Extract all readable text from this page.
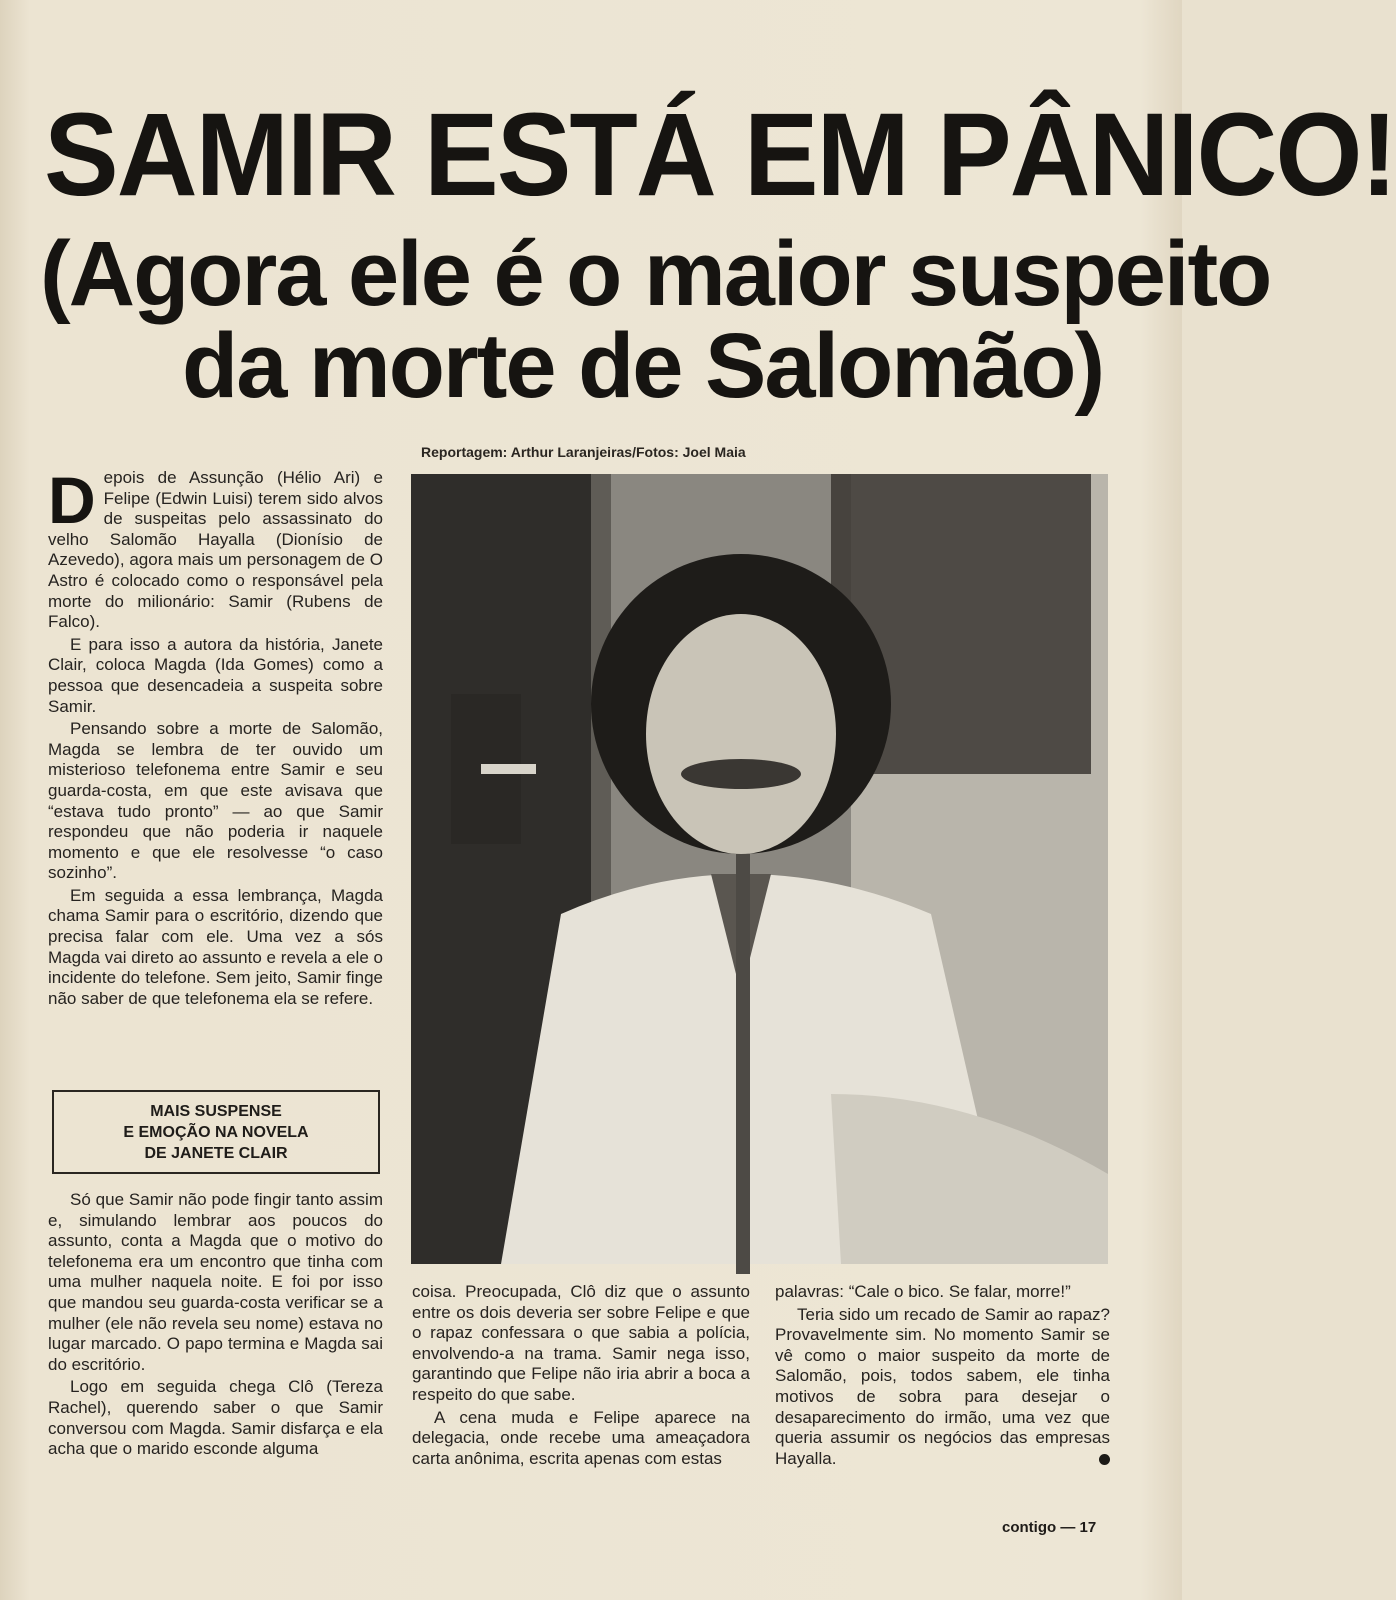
SAMIR ESTÁ EM PÂNICO!
(Agora ele é o maior suspeito
da morte de Salomão)
Reportagem: Arthur Laranjeiras/Fotos: Joel Maia

D epois de Assunção (Hélio Ari) e Felipe (Edwin Luisi) terem sido alvos de suspeitas pelo assassinato do velho Salomão Hayalla (Dionísio de Azevedo), agora mais um personagem de O Astro é colocado como o responsável pela morte do milionário: Samir (Rubens de Falco).

E para isso a autora da história, Janete Clair, coloca Magda (Ida Gomes) como a pessoa que desencadeia a suspeita sobre Samir.

Pensando sobre a morte de Salomão, Magda se lembra de ter ouvido um misterioso telefonema entre Samir e seu guarda-costa, em que este avisava que “estava tudo pronto” — ao que Samir respondeu que não poderia ir naquele momento e que ele resolvesse “o caso sozinho”.

Em seguida a essa lembrança, Magda chama Samir para o escritório, dizendo que precisa falar com ele. Uma vez a sós Magda vai direto ao assunto e revela a ele o incidente do telefone. Sem jeito, Samir finge não saber de que telefonema ela se refere.

MAIS SUSPENSE
E EMOÇÃO NA NOVELA
DE JANETE CLAIR

Só que Samir não pode fingir tanto assim e, simulando lembrar aos poucos do assunto, conta a Magda que o motivo do telefonema era um encontro que tinha com uma mulher naquela noite. E foi por isso que mandou seu guarda-costa verificar se a mulher (ele não revela seu nome) estava no lugar marcado. O papo termina e Magda sai do escritório.

Logo em seguida chega Clô (Tereza Rachel), querendo saber o que Samir conversou com Magda. Samir disfarça e ela acha que o marido esconde alguma

coisa. Preocupada, Clô diz que o assunto entre os dois deveria ser sobre Felipe e que o rapaz confessara o que sabia a polícia, envolvendo-a na trama. Samir nega isso, garantindo que Felipe não iria abrir a boca a respeito do que sabe.

A cena muda e Felipe aparece na delegacia, onde recebe uma ameaçadora carta anônima, escrita apenas com estas

palavras: “Cale o bico. Se falar, morre!”

Teria sido um recado de Samir ao rapaz? Provavelmente sim. No momento Samir se vê como o maior suspeito da morte de Salomão, pois, todos sabem, ele tinha motivos de sobra para desejar o desaparecimento do irmão, uma vez que queria assumir os negócios das empresas Hayalla.

contigo — 17
